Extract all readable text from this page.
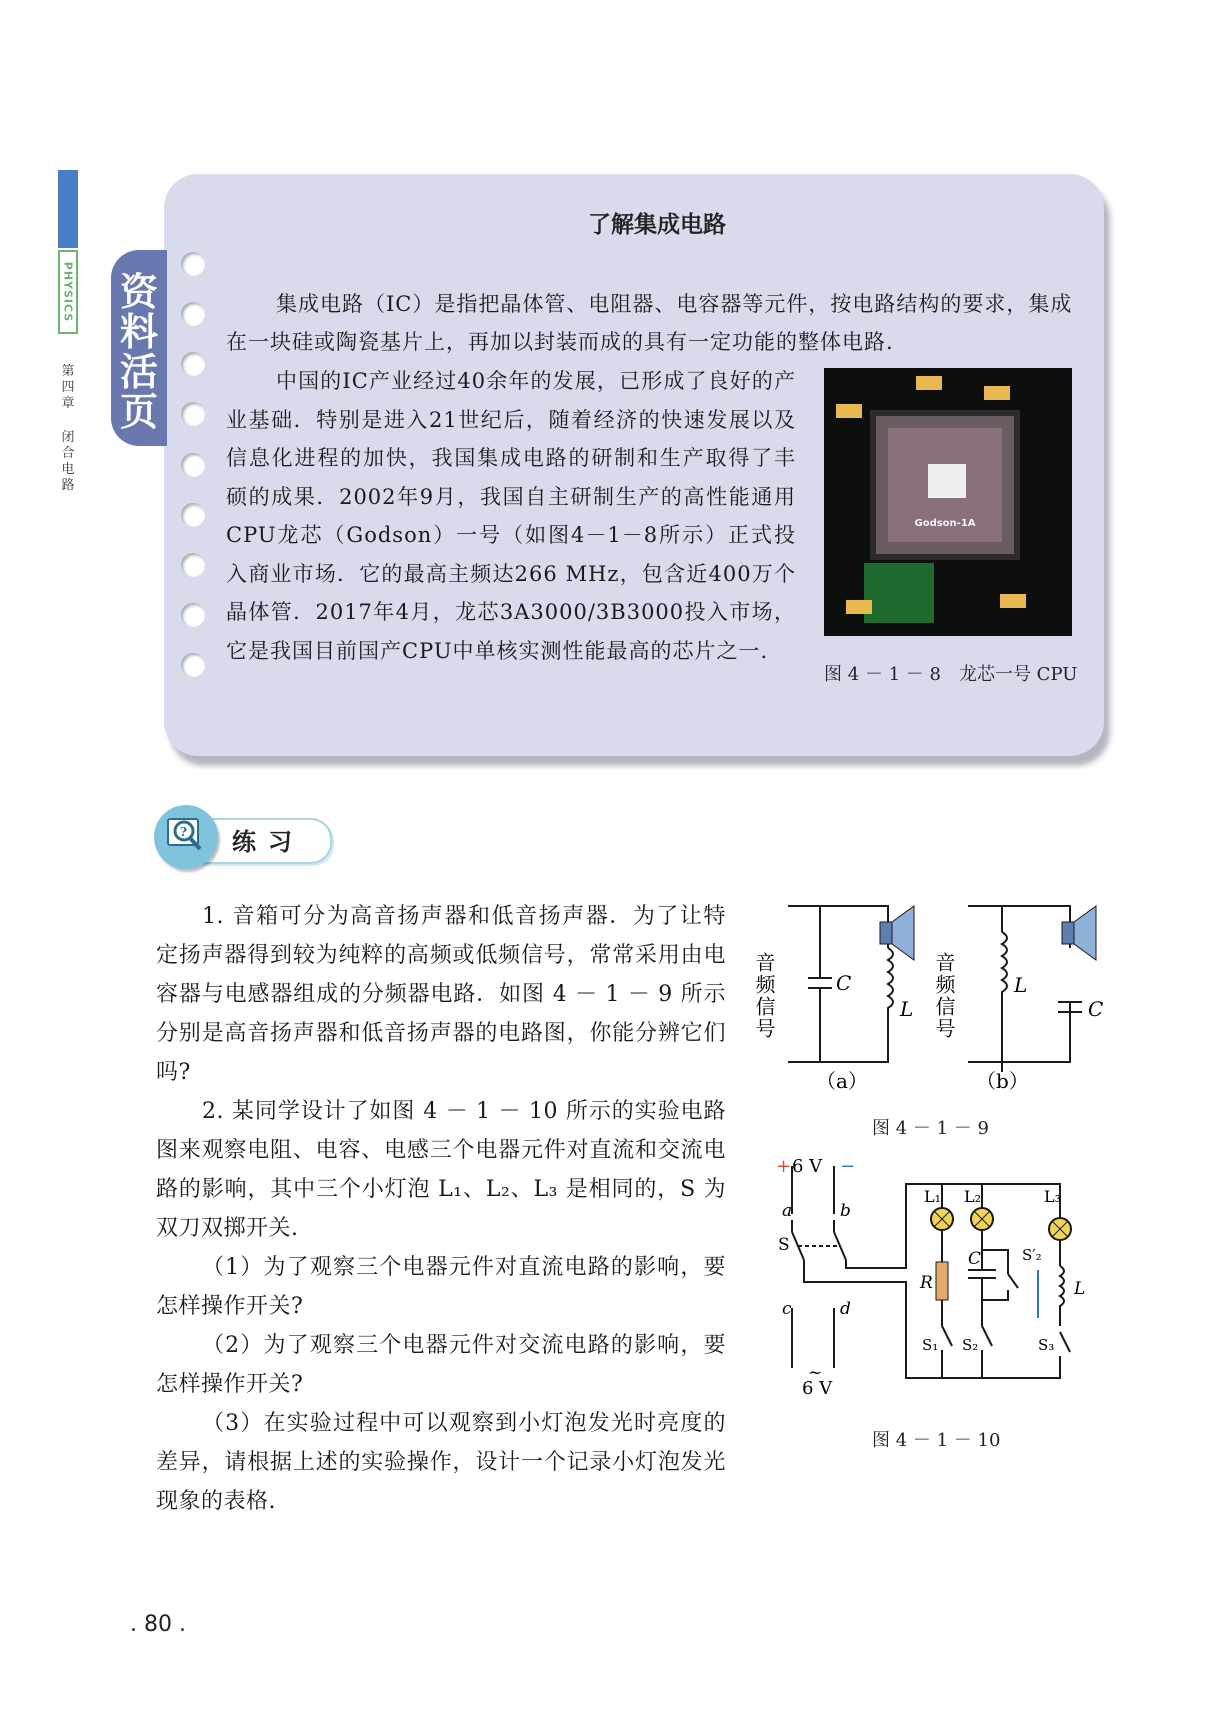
PHYSICS
第四章
闭合电路
资料活页
了解集成电路
集成电路（IC）是指把晶体管、电阻器、电容器等元件，按电路结构的要求，集成在一块硅或陶瓷基片上，再加以封装而成的具有一定功能的整体电路.
中国的IC产业经过40余年的发展，已形成了良好的产业基础．特别是进入21世纪后，随着经济的快速发展以及信息化进程的加快，我国集成电路的研制和生产取得了丰硕的成果．2002年9月，我国自主研制生产的高性能通用CPU龙芯（Godson）一号（如图4－1－8所示）正式投入商业市场．它的最高主频达266 MHz，包含近400万个晶体管．2017年4月，龙芯3A3000/3B3000投入市场，它是我国目前国产CPU中单核实测性能最高的芯片之一.
Godson-1A
图 4 － 1 － 8　龙芯一号 CPU
? 练习
1. 音箱可分为高音扬声器和低音扬声器．为了让特定扬声器得到较为纯粹的高频或低频信号，常常采用由电容器与电感器组成的分频器电路．如图 4 － 1 － 9 所示分别是高音扬声器和低音扬声器的电路图，你能分辨它们吗?
2. 某同学设计了如图 4 － 1 － 10 所示的实验电路图来观察电阻、电容、电感三个电器元件对直流和交流电路的影响，其中三个小灯泡 L₁、L₂、L₃ 是相同的，S 为双刀双掷开关.
（1）为了观察三个电器元件对直流电路的影响，要怎样操作开关?
（2）为了观察三个电器元件对交流电路的影响，要怎样操作开关?
（3）在实验过程中可以观察到小灯泡发光时亮度的差异，请根据上述的实验操作，设计一个记录小灯泡发光现象的表格.
音频信号	C
L
（a）
音频信号	L
C
（b）
图 4 － 1 － 9
+ 6 V −
a	b
S
c	d
~
6 V
L₁ L₂	L₃
R
C
L
S′₂
S₁ S₂	S₃
图 4 － 1 － 10
. 80 .
